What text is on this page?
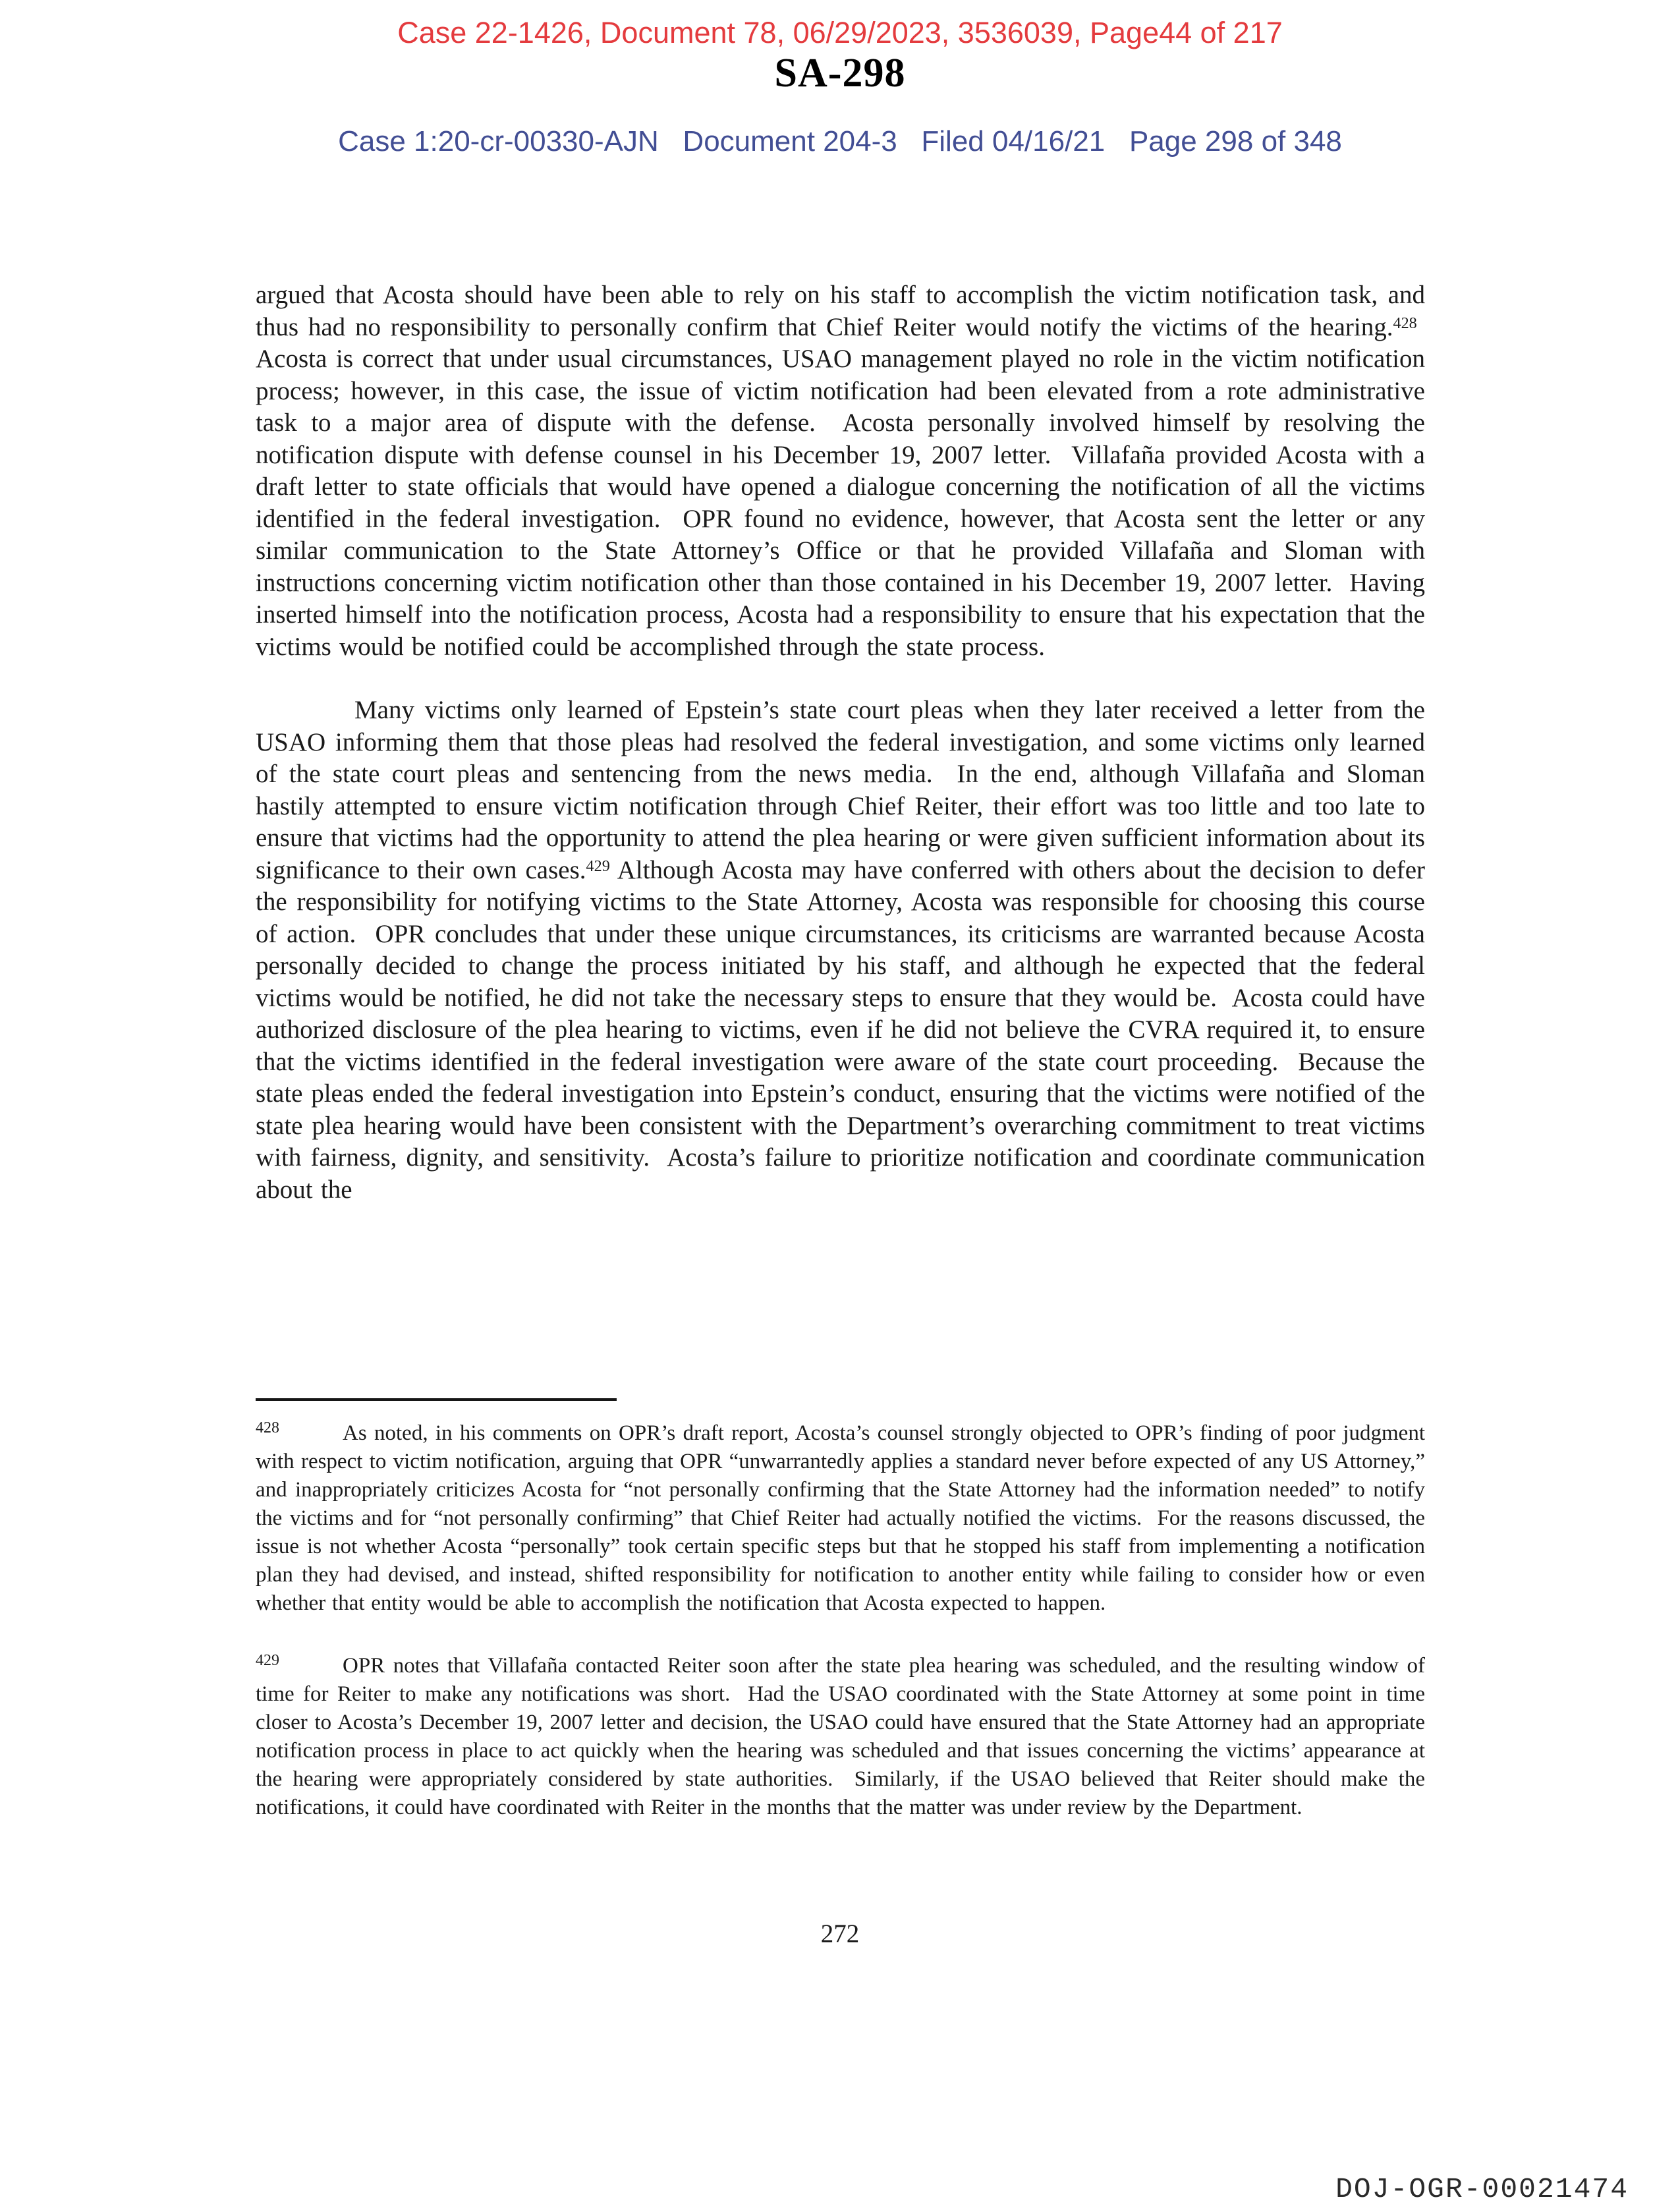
Case 22-1426, Document 78, 06/29/2023, 3536039, Page44 of 217
SA-298
Case 1:20-cr-00330-AJN   Document 204-3   Filed 04/16/21   Page 298 of 348

argued that Acosta should have been able to rely on his staff to accomplish the victim notification task, and thus had no responsibility to personally confirm that Chief Reiter would notify the victims of the hearing.$^{428}$  Acosta is correct that under usual circumstances, USAO management played no role in the victim notification process; however, in this case, the issue of victim notification had been elevated from a rote administrative task to a major area of dispute with the defense.  Acosta personally involved himself by resolving the notification dispute with defense counsel in his December 19, 2007 letter.  Villafaña provided Acosta with a draft letter to state officials that would have opened a dialogue concerning the notification of all the victims identified in the federal investigation.  OPR found no evidence, however, that Acosta sent the letter or any similar communication to the State Attorney’s Office or that he provided Villafaña and Sloman with instructions concerning victim notification other than those contained in his December 19, 2007 letter.  Having inserted himself into the notification process, Acosta had a responsibility to ensure that his expectation that the victims would be notified could be accomplished through the state process.

Many victims only learned of Epstein’s state court pleas when they later received a letter from the USAO informing them that those pleas had resolved the federal investigation, and some victims only learned of the state court pleas and sentencing from the news media.  In the end, although Villafaña and Sloman hastily attempted to ensure victim notification through Chief Reiter, their effort was too little and too late to ensure that victims had the opportunity to attend the plea hearing or were given sufficient information about its significance to their own cases.$^{429}$ Although Acosta may have conferred with others about the decision to defer the responsibility for notifying victims to the State Attorney, Acosta was responsible for choosing this course of action.  OPR concludes that under these unique circumstances, its criticisms are warranted because Acosta personally decided to change the process initiated by his staff, and although he expected that the federal victims would be notified, he did not take the necessary steps to ensure that they would be.  Acosta could have authorized disclosure of the plea hearing to victims, even if he did not believe the CVRA required it, to ensure that the victims identified in the federal investigation were aware of the state court proceeding.  Because the state pleas ended the federal investigation into Epstein’s conduct, ensuring that the victims were notified of the state plea hearing would have been consistent with the Department’s overarching commitment to treat victims with fairness, dignity, and sensitivity.  Acosta’s failure to prioritize notification and coordinate communication about the

$^{428}$	As noted, in his comments on OPR’s draft report, Acosta’s counsel strongly objected to OPR’s finding of poor judgment with respect to victim notification, arguing that OPR “unwarrantedly applies a standard never before expected of any US Attorney,” and inappropriately criticizes Acosta for “not personally confirming that the State Attorney had the information needed” to notify the victims and for “not personally confirming” that Chief Reiter had actually notified the victims.  For the reasons discussed, the issue is not whether Acosta “personally” took certain specific steps but that he stopped his staff from implementing a notification plan they had devised, and instead, shifted responsibility for notification to another entity while failing to consider how or even whether that entity would be able to accomplish the notification that Acosta expected to happen.

$^{429}$	OPR notes that Villafaña contacted Reiter soon after the state plea hearing was scheduled, and the resulting window of time for Reiter to make any notifications was short.  Had the USAO coordinated with the State Attorney at some point in time closer to Acosta’s December 19, 2007 letter and decision, the USAO could have ensured that the State Attorney had an appropriate notification process in place to act quickly when the hearing was scheduled and that issues concerning the victims’ appearance at the hearing were appropriately considered by state authorities.  Similarly, if the USAO believed that Reiter should make the notifications, it could have coordinated with Reiter in the months that the matter was under review by the Department.

272
DOJ-OGR-00021474
